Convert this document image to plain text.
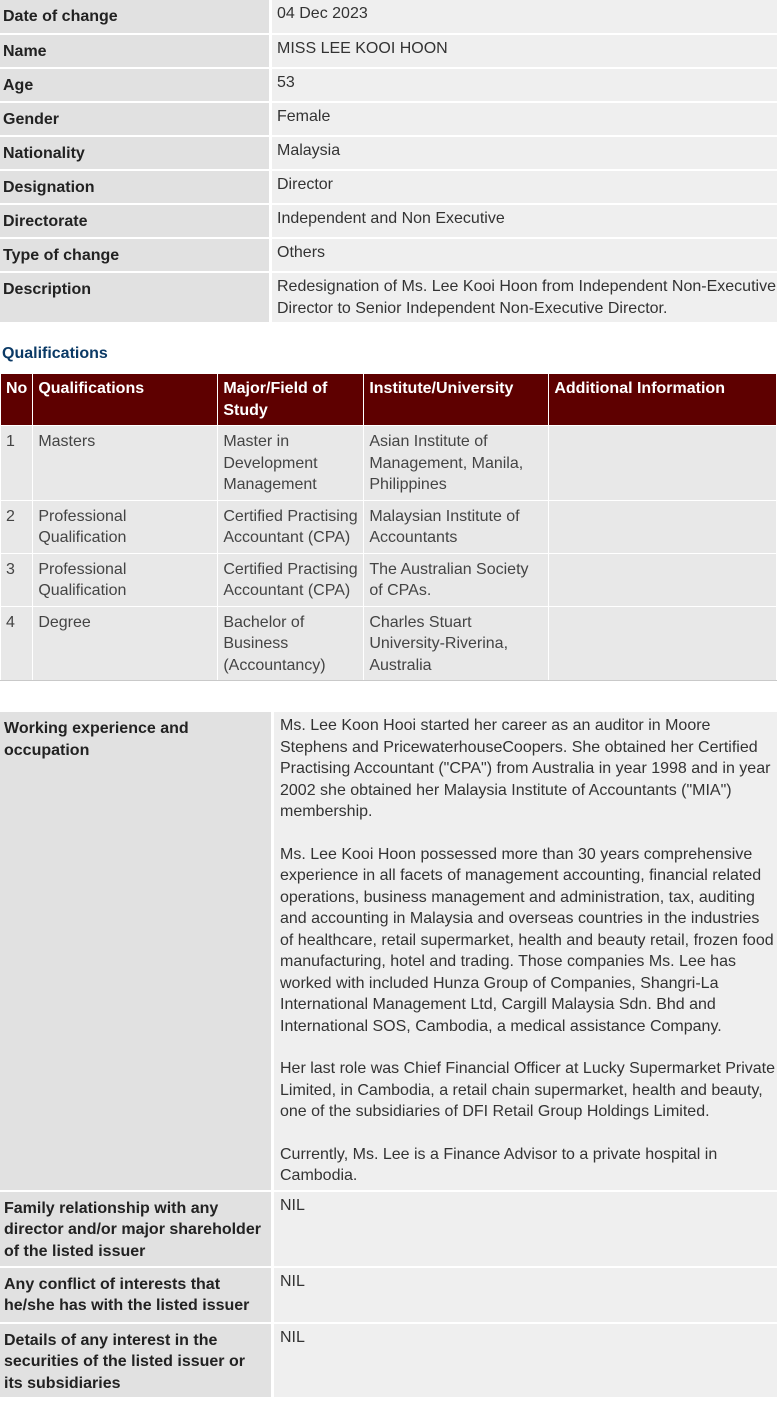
Date of change	04 Dec 2023
Name	MISS LEE KOOI HOON
Age	53
Gender	Female
Nationality	Malaysia
Designation	Director
Directorate	Independent and Non Executive
Type of change	Others
Description	Redesignation of Ms. Lee Kooi Hoon from Independent Non-Executive Director to Senior Independent Non-Executive Director.
Qualifications
No	Qualifications	Major/Field of Study	Institute/University	Additional Information
1	Masters	Master in Development Management	Asian Institute of Management, Manila, Philippines	
2	Professional Qualification	Certified Practising Accountant (CPA)	Malaysian Institute of Accountants	
3	Professional Qualification	Certified Practising Accountant (CPA)	The Australian Society of CPAs.	
4	Degree	Bachelor of Business (Accountancy)	Charles Stuart University-Riverina, Australia	
Working experience and occupation	Ms. Lee Koon Hooi started her career as an auditor in Moore Stephens and PricewaterhouseCoopers. She obtained her Certified Practising Accountant ("CPA") from Australia in year 1998 and in year 2002 she obtained her Malaysia Institute of Accountants ("MIA") membership.

Ms. Lee Kooi Hoon possessed more than 30 years comprehensive experience in all facets of management accounting, financial related operations, business management and administration, tax, auditing and accounting in Malaysia and overseas countries in the industries of healthcare, retail supermarket, health and beauty retail, frozen food manufacturing, hotel and trading. Those companies Ms. Lee has worked with included Hunza Group of Companies, Shangri-La International Management Ltd, Cargill Malaysia Sdn. Bhd and International SOS, Cambodia, a medical assistance Company.

Her last role was Chief Financial Officer at Lucky Supermarket Private Limited, in Cambodia, a retail chain supermarket, health and beauty, one of the subsidiaries of DFI Retail Group Holdings Limited.

Currently, Ms. Lee is a Finance Advisor to a private hospital in Cambodia.

Family relationship with any director and/or major shareholder of the listed issuer	NIL
Any conflict of interests that he/she has with the listed issuer	NIL
Details of any interest in the securities of the listed issuer or its subsidiaries	NIL
